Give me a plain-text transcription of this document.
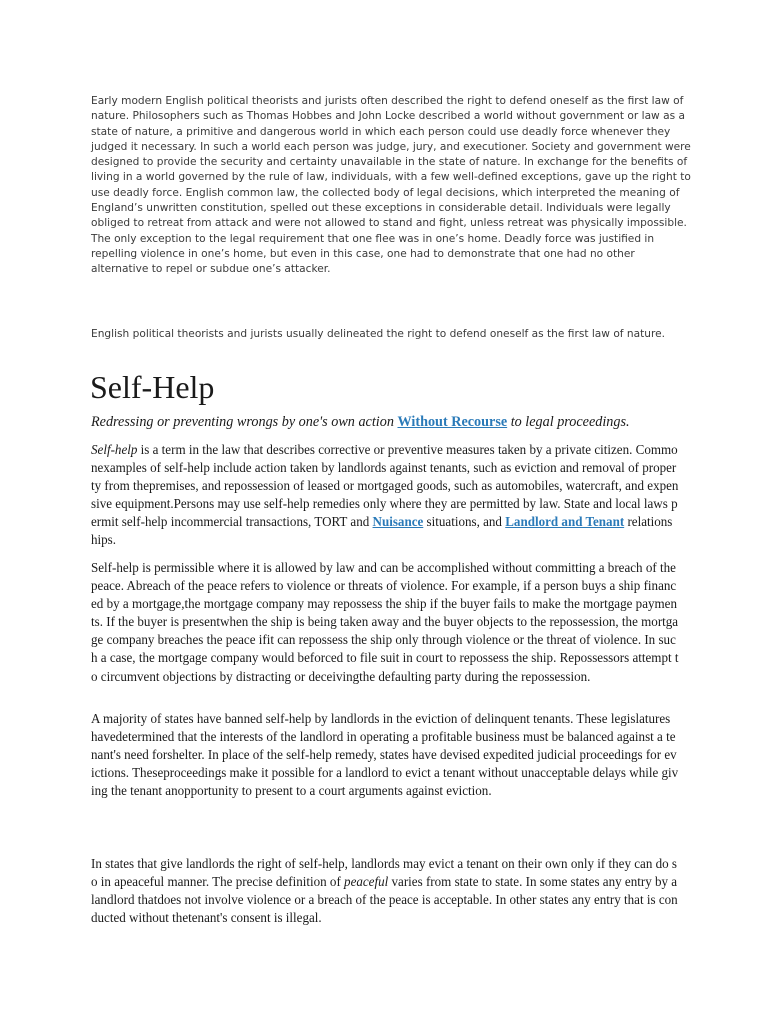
Early modern English political theorists and jurists often described the right to defend oneself as the first law of nature. Philosophers such as Thomas Hobbes and John Locke described a world without government or law as a state of nature, a primitive and dangerous world in which each person could use deadly force whenever they judged it necessary. In such a world each person was judge, jury, and executioner. Society and government were designed to provide the security and certainty unavailable in the state of nature. In exchange for the benefits of living in a world governed by the rule of law, individuals, with a few well-defined exceptions, gave up the right to use deadly force. English common law, the collected body of legal decisions, which interpreted the meaning of England’s unwritten constitution, spelled out these exceptions in considerable detail. Individuals were legally obliged to retreat from attack and were not allowed to stand and fight, unless retreat was physically impossible. The only exception to the legal requirement that one flee was in one’s home. Deadly force was justified in repelling violence in one’s home, but even in this case, one had to demonstrate that one had no other alternative to repel or subdue one’s attacker.

English political theorists and jurists usually delineated the right to defend oneself as the first law of nature.

Self-Help

Redressing or preventing wrongs by one's own action Without Recourse to legal proceedings.

Self-help is a term in the law that describes corrective or preventive measures taken by a private citizen. Commonexamples of self-help include action taken by landlords against tenants, such as eviction and removal of property from thepremises, and repossession of leased or mortgaged goods, such as automobiles, watercraft, and expensive equipment.Persons may use self-help remedies only where they are permitted by law. State and local laws permit self-help incommercial transactions, TORT and Nuisance situations, and Landlord and Tenant relationships.

Self-help is permissible where it is allowed by law and can be accomplished without committing a breach of the peace. Abreach of the peace refers to violence or threats of violence. For example, if a person buys a ship financed by a mortgage,the mortgage company may repossess the ship if the buyer fails to make the mortgage payments. If the buyer is presentwhen the ship is being taken away and the buyer objects to the repossession, the mortgage company breaches the peace ifit can repossess the ship only through violence or the threat of violence. In such a case, the mortgage company would beforced to file suit in court to repossess the ship. Repossessors attempt to circumvent objections by distracting or deceivingthe defaulting party during the repossession.

A majority of states have banned self-help by landlords in the eviction of delinquent tenants. These legislatures havedetermined that the interests of the landlord in operating a profitable business must be balanced against a tenant's need forshelter. In place of the self-help remedy, states have devised expedited judicial proceedings for evictions. Theseproceedings make it possible for a landlord to evict a tenant without unacceptable delays while giving the tenant anopportunity to present to a court arguments against eviction.

In states that give landlords the right of self-help, landlords may evict a tenant on their own only if they can do so in apeaceful manner. The precise definition of peaceful varies from state to state. In some states any entry by a landlord thatdoes not involve violence or a breach of the peace is acceptable. In other states any entry that is conducted without thetenant's consent is illegal.
